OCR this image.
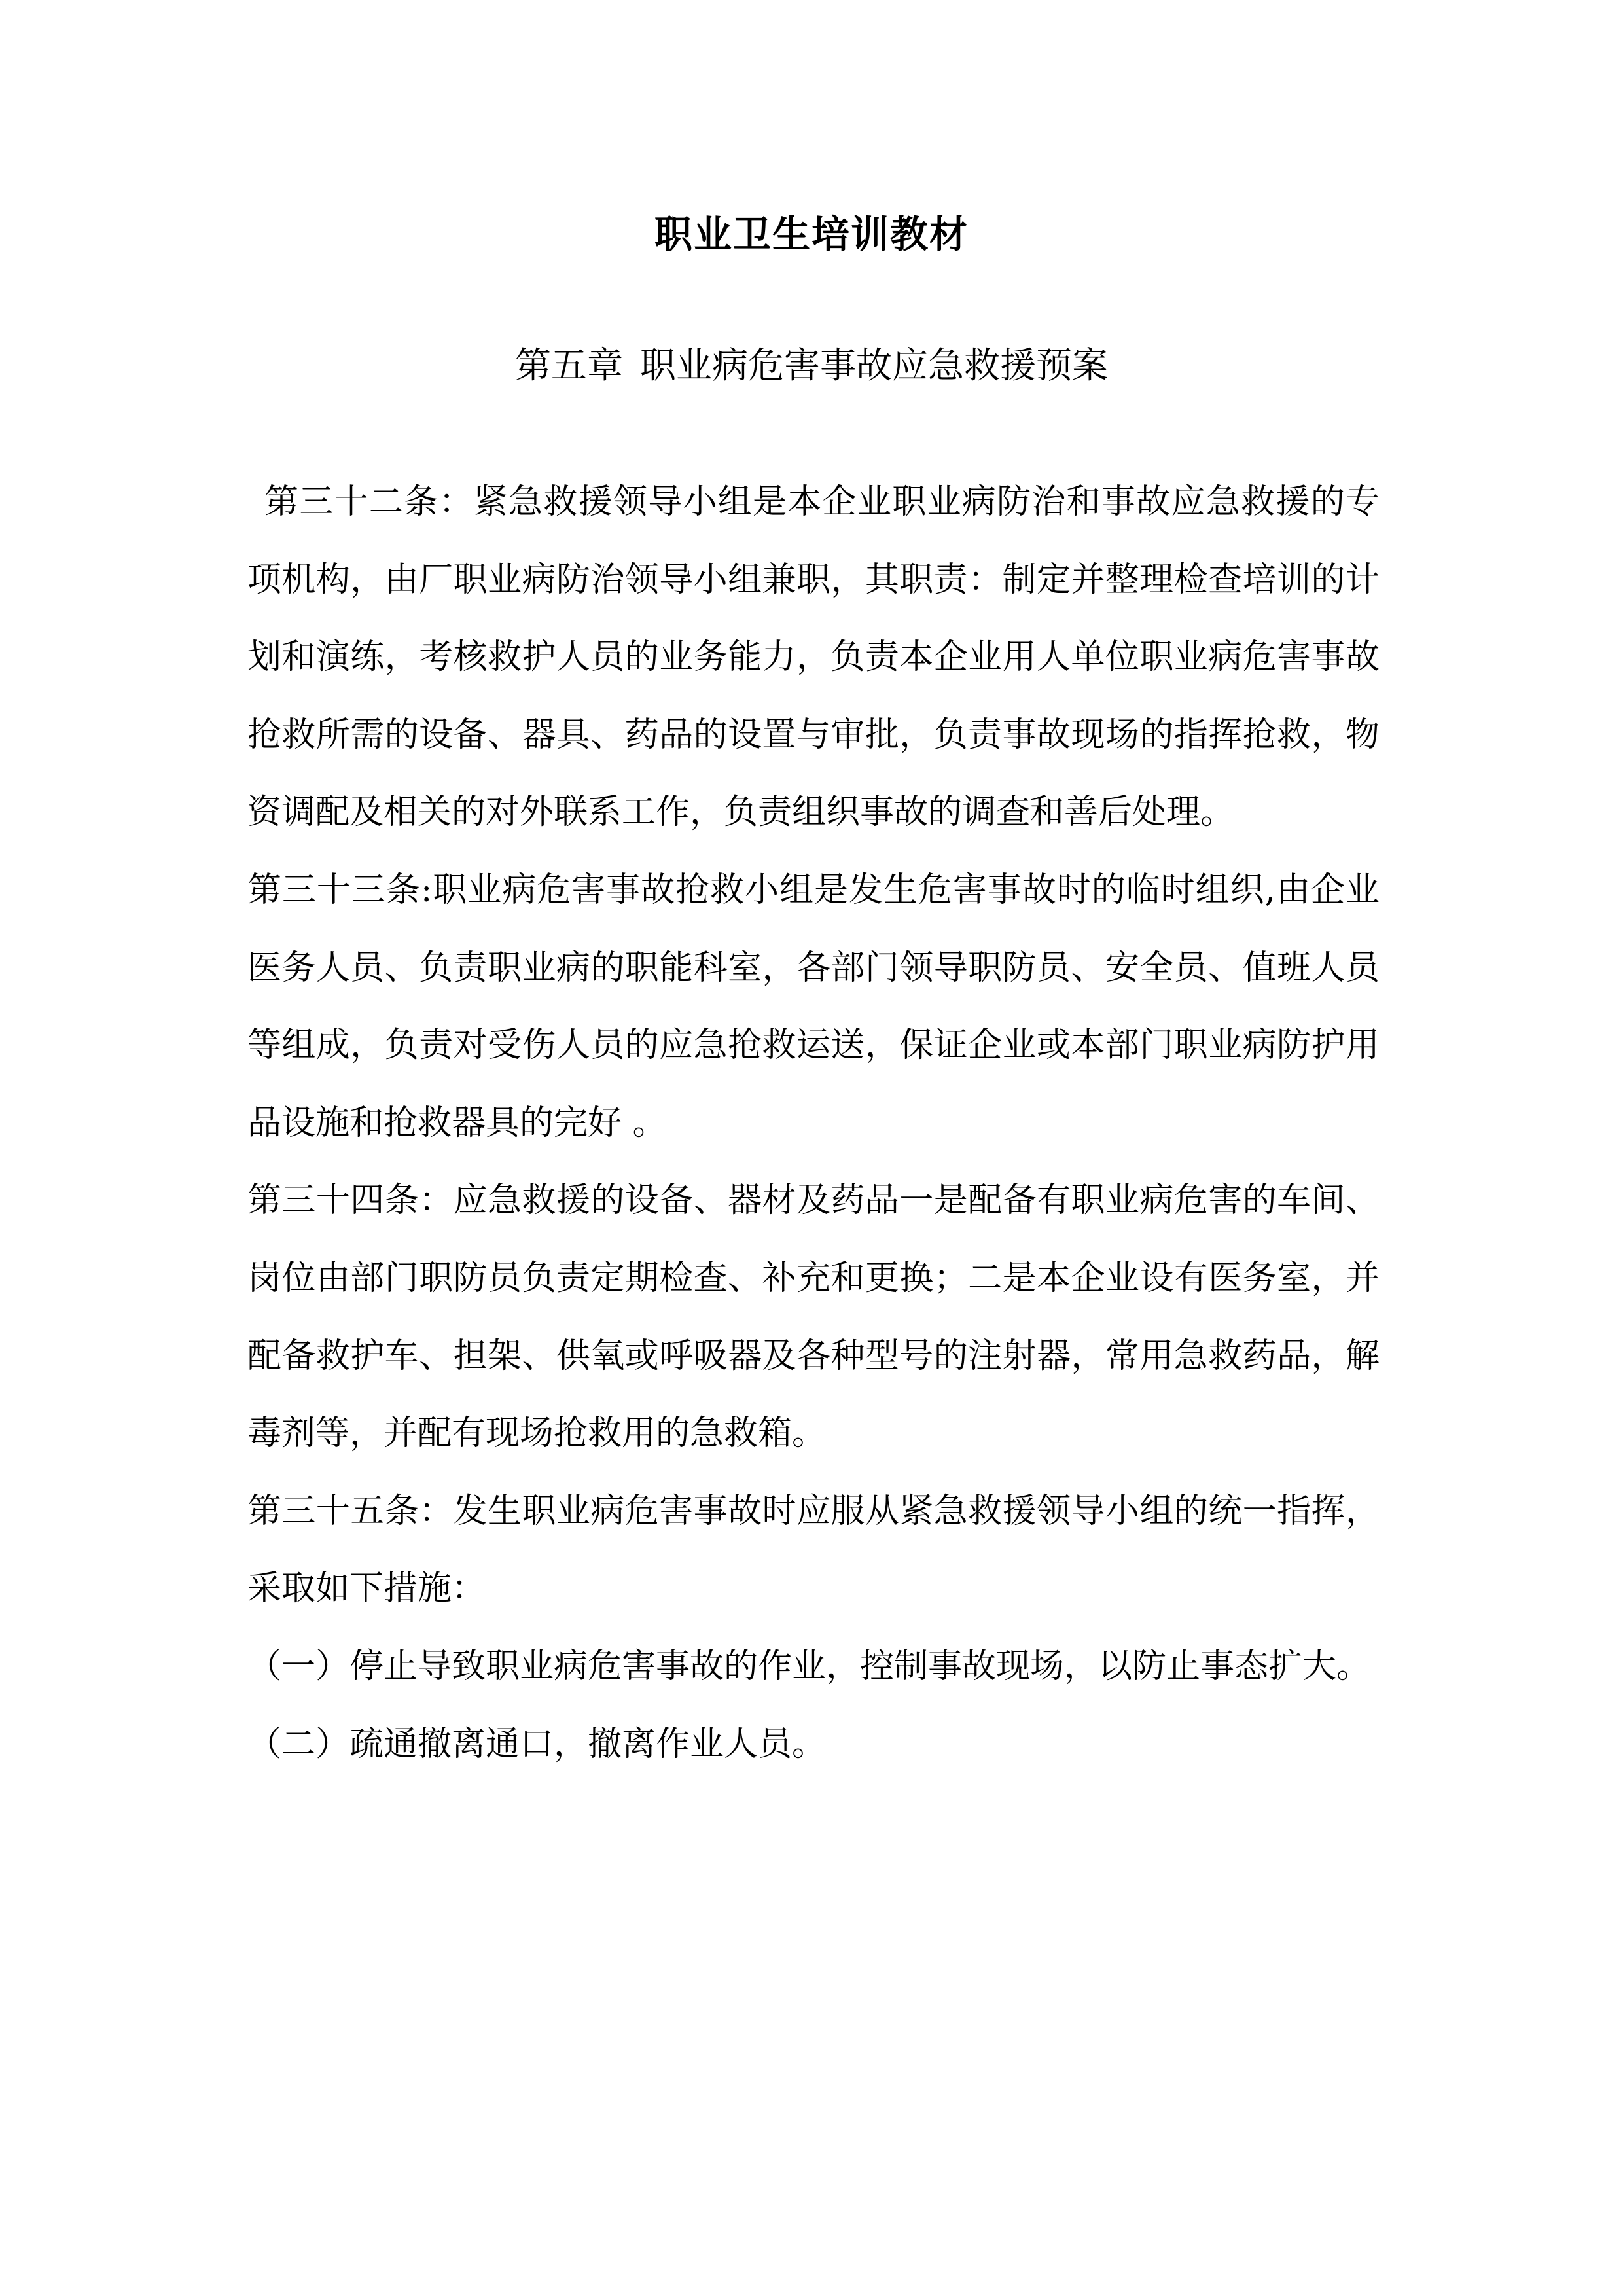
职业卫生培训教材
第五章 职业病危害事故应急救援预案

第三十二条：紧急救援领导小组是本企业职业病防治和事故应急救援的专项机构，由厂职业病防治领导小组兼职，其职责：制定并整理检查培训的计划和演练，考核救护人员的业务能力，负责本企业用人单位职业病危害事故抢救所需的设备、器具、药品的设置与审批，负责事故现场的指挥抢救，物资调配及相关的对外联系工作，负责组织事故的调查和善后处理。

第三十三条:职业病危害事故抢救小组是发生危害事故时的临时组织,由企业医务人员、负责职业病的职能科室，各部门领导职防员、安全员、值班人员等组成，负责对受伤人员的应急抢救运送，保证企业或本部门职业病防护用品设施和抢救器具的完好 。

第三十四条：应急救援的设备、器材及药品一是配备有职业病危害的车间、岗位由部门职防员负责定期检查、补充和更换；二是本企业设有医务室，并配备救护车、担架、供氧或呼吸器及各种型号的注射器，常用急救药品，解毒剂等，并配有现场抢救用的急救箱。

第三十五条：发生职业病危害事故时应服从紧急救援领导小组的统一指挥，采取如下措施：

（一）停止导致职业病危害事故的作业，控制事故现场，以防止事态扩大。

（二）疏通撤离通口，撤离作业人员。
